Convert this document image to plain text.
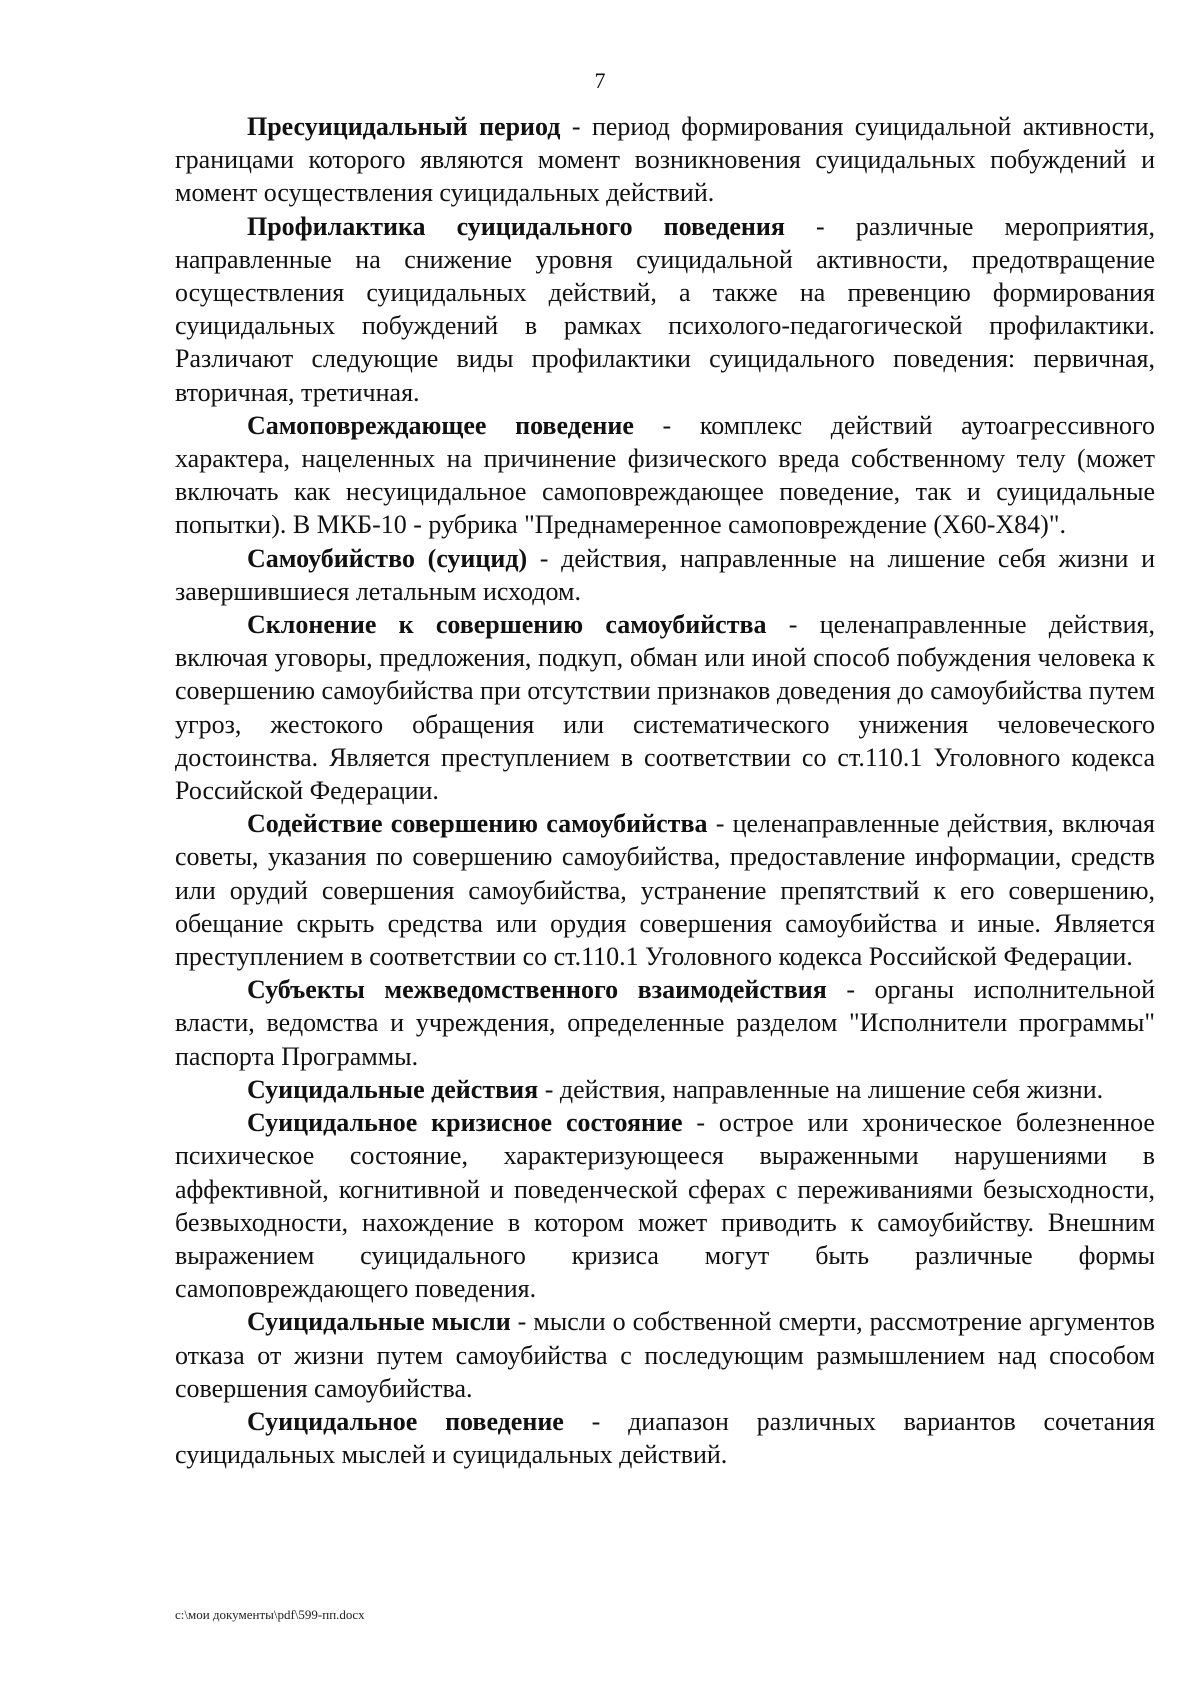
7

Пресуицидальный период - период формирования суицидальной активности, границами которого являются момент возникновения суицидальных побуждений и момент осуществления суицидальных действий.

Профилактика суицидального поведения - различные мероприятия, направленные на снижение уровня суицидальной активности, предотвращение осуществления суицидальных действий, а также на превенцию формирования суицидальных побуждений в рамках психолого-педагогической профилактики. Различают следующие виды профилактики суицидального поведения: первичная, вторичная, третичная.

Самоповреждающее поведение - комплекс действий аутоагрессивного характера, нацеленных на причинение физического вреда собственному телу (может включать как несуицидальное самоповреждающее поведение, так и суицидальные попытки). В МКБ-10 - рубрика "Преднамеренное самоповреждение (X60-X84)".

Самоубийство (суицид) - действия, направленные на лишение себя жизни и завершившиеся летальным исходом.

Склонение к совершению самоубийства - целенаправленные действия, включая уговоры, предложения, подкуп, обман или иной способ побуждения человека к совершению самоубийства при отсутствии признаков доведения до самоубийства путем угроз, жестокого обращения или систематического унижения человеческого достоинства. Является преступлением в соответствии со ст.110.1 Уголовного кодекса Российской Федерации.

Содействие совершению самоубийства - целенаправленные действия, включая советы, указания по совершению самоубийства, предоставление информации, средств или орудий совершения самоубийства, устранение препятствий к его совершению, обещание скрыть средства или орудия совершения самоубийства и иные. Является преступлением в соответствии со ст.110.1 Уголовного кодекса Российской Федерации.

Субъекты межведомственного взаимодействия - органы исполнительной власти, ведомства и учреждения, определенные разделом "Исполнители программы" паспорта Программы.

Суицидальные действия - действия, направленные на лишение себя жизни.

Суицидальное кризисное состояние - острое или хроническое болезненное психическое состояние, характеризующееся выраженными нарушениями в аффективной, когнитивной и поведенческой сферах с переживаниями безысходности, безвыходности, нахождение в котором может приводить к самоубийству. Внешним выражением суицидального кризиса могут быть различные формы самоповреждающего поведения.

Суицидальные мысли - мысли о собственной смерти, рассмотрение аргументов отказа от жизни путем самоубийства с последующим размышлением над способом совершения самоубийства.

Суицидальное поведение - диапазон различных вариантов сочетания суицидальных мыслей и суицидальных действий.

c:\мои документы\pdf\599-пп.docx
